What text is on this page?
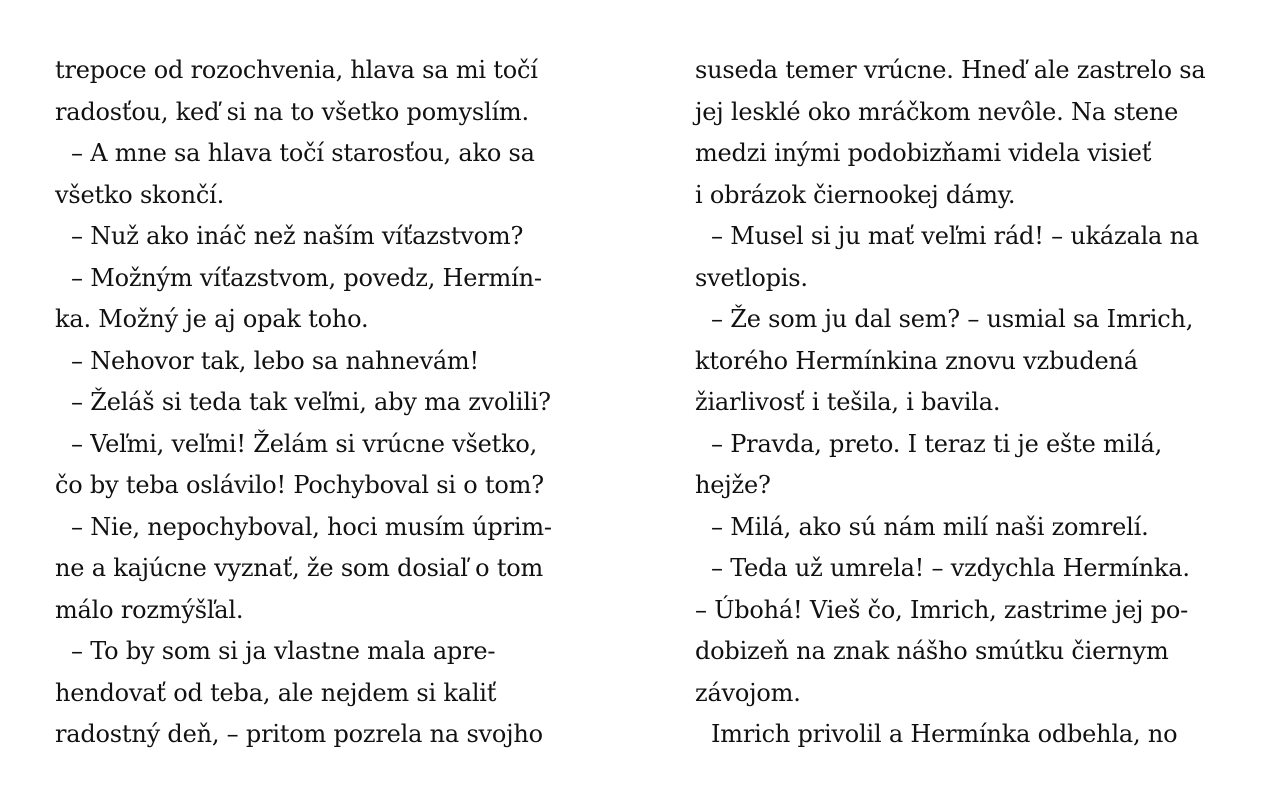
trepoce od rozochvenia, hlava sa mi točí
radosťou, keď si na to všetko pomyslím.
– A mne sa hlava točí starosťou, ako sa
všetko skončí.
– Nuž ako ináč než naším víťazstvom?
– Možným víťazstvom, povedz, Hermín-
ka. Možný je aj opak toho.
– Nehovor tak, lebo sa nahnevám!
– Želáš si teda tak veľmi, aby ma zvolili?
– Veľmi, veľmi! Želám si vrúcne všetko,
čo by teba oslávilo! Pochyboval si o tom?
– Nie, nepochyboval, hoci musím úprim-
ne a kajúcne vyznať, že som dosiaľ o tom
málo rozmýšľal.
– To by som si ja vlastne mala apre-
hendovať od teba, ale nejdem si kaliť
radostný deň, – pritom pozrela na svojho
suseda temer vrúcne. Hneď ale zastrelo sa
jej lesklé oko mráčkom nevôle. Na stene
medzi inými podobizňami videla visieť
i obrázok čiernookej dámy.
– Musel si ju mať veľmi rád! – ukázala na
svetlopis.
– Že som ju dal sem? – usmial sa Imrich,
ktorého Hermínkina znovu vzbudená
žiarlivosť i tešila, i bavila.
– Pravda, preto. I teraz ti je ešte milá,
hejže?
– Milá, ako sú nám milí naši zomrelí.
– Teda už umrela! – vzdychla Hermínka.
– Úbohá! Vieš čo, Imrich, zastrime jej po-
dobizeň na znak nášho smútku čiernym
závojom.
Imrich privolil a Hermínka odbehla, no
